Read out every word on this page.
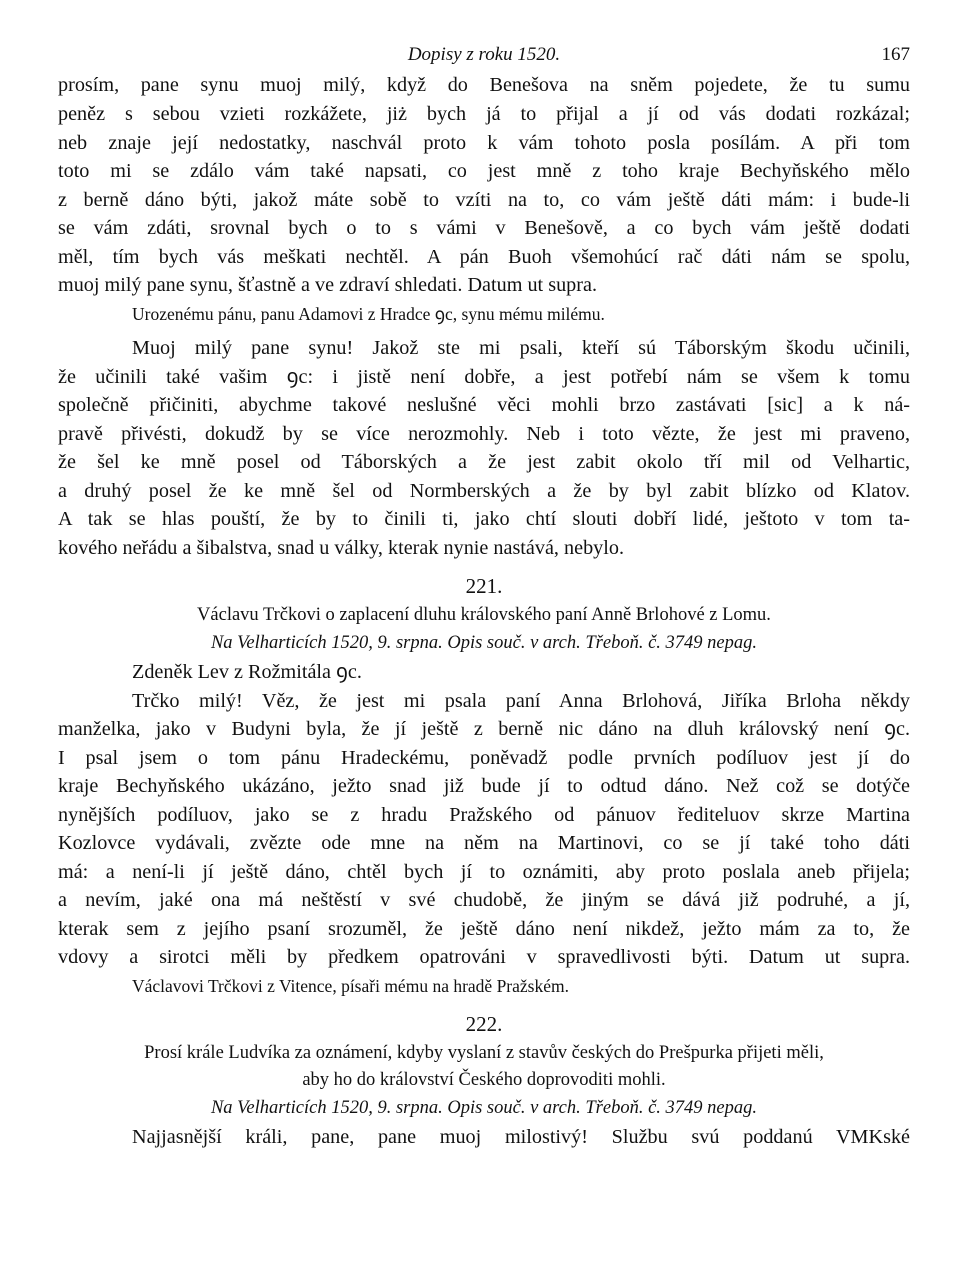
Dopisy z roku 1520.	167
prosím, pane synu muoj milý, když do Benešova na sněm pojedete, že tu sumu
peněz s sebou vzieti rozkážete, jiż bych já to přijal a jí od vás dodati rozkázal;
neb znaje její nedostatky, naschvál proto k vám tohoto posla posílám. A při tom
toto mi se zdálo vám také napsati, co jest mně z toho kraje Bechyňského mělo
z berně dáno býti, jakož máte sobě to vzíti na to, co vám ještě dáti mám: i bude-li
se vám zdáti, srovnal bych o to s vámi v Benešově, a co bych vám ještě dodati
měl, tím bych vás meškati nechtěl. A pán Buoh všemohúcí rač dáti nám se spolu,
muoj milý pane synu, šťastně a ve zdraví shledati. Datum ut supra.
Urozenému pánu, panu Adamovi z Hradce ꝯc, synu mému milému.
Muoj milý pane synu! Jakož ste mi psali, kteří sú Táborským škodu učinili,
že učinili také vašim ꝯc: i jistě není dobře, a jest potřebí nám se všem k tomu
společně přičiniti, abychme takové neslušné věci mohli brzo zastávati [sic] a k ná-
pravě přivésti, dokudž by se více nerozmohly. Neb i toto vězte, že jest mi praveno,
že šel ke mně posel od Táborských a že jest zabit okolo tří mil od Velhartic,
a druhý posel že ke mně šel od Normberských a že by byl zabit blízko od Klatov.
A tak se hlas pouští, že by to činili ti, jako chtí slouti dobří lidé, ještoto v tom ta-
kového neřádu a šibalstva, snad u války, kterak nynie nastává, nebylo.
221.
Václavu Trčkovi o zaplacení dluhu královského paní Anně Brlohové z Lomu.
Na Velharticích 1520, 9. srpna. Opis souč. v arch. Třeboň. č. 3749 nepag.
Zdeněk Lev z Rožmitála ꝯc.
Trčko milý! Věz, že jest mi psala paní Anna Brlohová, Jiříka Brloha někdy
manželka, jako v Budyni byla, že jí ještě z berně nic dáno na dluh královský není ꝯc.
I psal jsem o tom pánu Hradeckému, poněvadž podle prvních podíluov jest jí do
kraje Bechyňského ukázáno, ježto snad již bude jí to odtud dáno. Než což se dotýče
nynějších podíluov, jako se z hradu Pražského od pánuov řediteluov skrze Martina
Kozlovce vydávali, zvězte ode mne na něm na Martinovi, co se jí také toho dáti
má: a není-li jí ještě dáno, chtěl bych jí to oznámiti, aby proto poslala aneb přijela;
a nevím, jaké ona má neštěstí v své chudobě, že jiným se dává již podruhé, a jí,
kterak sem z jejího psaní srozuměl, že ještě dáno není nikdež, ježto mám za to, že
vdovy a sirotci měli by předkem opatrováni v spravedlivosti býti. Datum ut supra.
Václavovi Trčkovi z Vitence, písaři mému na hradě Pražském.
222.
Prosí krále Ludvíka za oznámení, kdyby vyslaní z stavův českých do Prešpurka přijeti měli,
aby ho do království Českého doprovoditi mohli.
Na Velharticích 1520, 9. srpna. Opis souč. v arch. Třeboň. č. 3749 nepag.
Najjasnější králi, pane, pane muoj milostivý! Službu svú poddanú VMKské
